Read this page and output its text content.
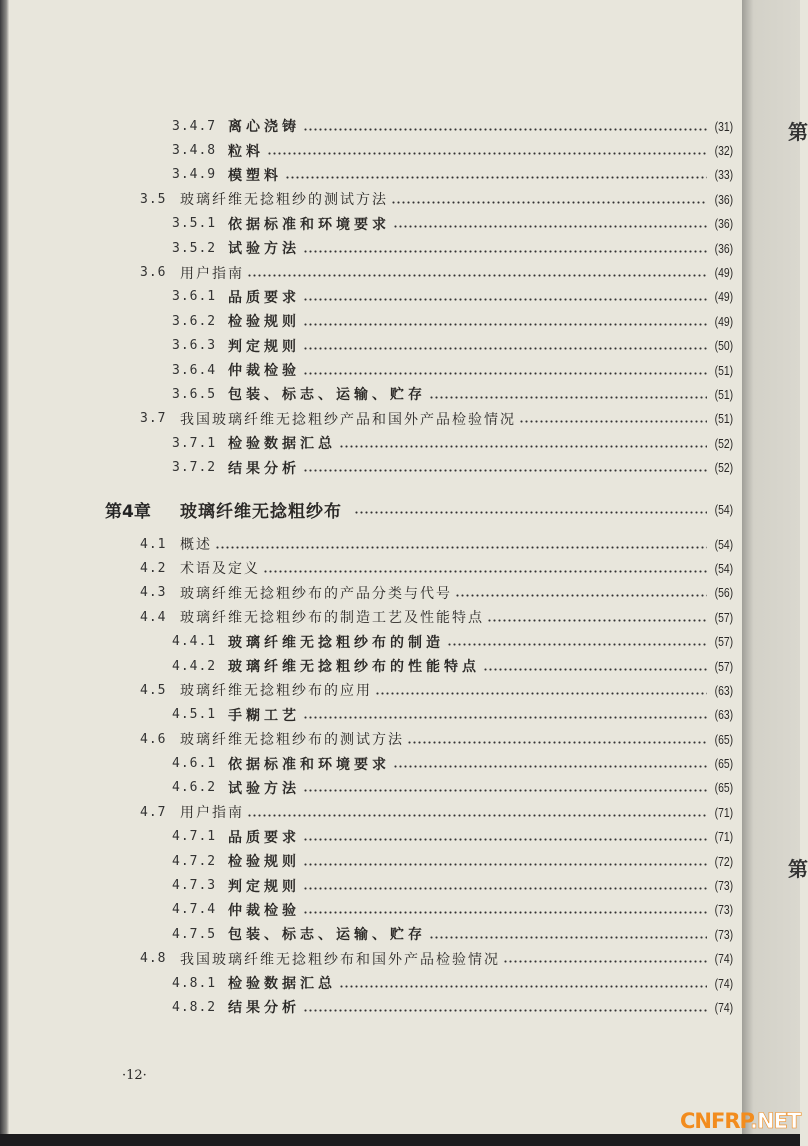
第
第
3.4.7 离心浇铸	(31)
3.4.8 粒料	(32)
3.4.9 模塑料	(33)
3.5 玻璃纤维无捻粗纱的测试方法	(36)
3.5.1 依据标准和环境要求	(36)
3.5.2 试验方法	(36)
3.6 用户指南	(49)
3.6.1 品质要求	(49)
3.6.2 检验规则	(49)
3.6.3 判定规则	(50)
3.6.4 仲裁检验	(51)
3.6.5 包装、标志、运输、贮存	(51)
3.7 我国玻璃纤维无捻粗纱产品和国外产品检验情况	(51)
3.7.1 检验数据汇总	(52)
3.7.2 结果分析	(52)
第4章 玻璃纤维无捻粗纱布	(54)
4.1 概述	(54)
4.2 术语及定义	(54)
4.3 玻璃纤维无捻粗纱布的产品分类与代号	(56)
4.4 玻璃纤维无捻粗纱布的制造工艺及性能特点	(57)
4.4.1 玻璃纤维无捻粗纱布的制造	(57)
4.4.2 玻璃纤维无捻粗纱布的性能特点	(57)
4.5 玻璃纤维无捻粗纱布的应用	(63)
4.5.1 手糊工艺	(63)
4.6 玻璃纤维无捻粗纱布的测试方法	(65)
4.6.1 依据标准和环境要求	(65)
4.6.2 试验方法	(65)
4.7 用户指南	(71)
4.7.1 品质要求	(71)
4.7.2 检验规则	(72)
4.7.3 判定规则	(73)
4.7.4 仲裁检验	(73)
4.7.5 包装、标志、运输、贮存	(73)
4.8 我国玻璃纤维无捻粗纱布和国外产品检验情况	(74)
4.8.1 检验数据汇总	(74)
4.8.2 结果分析	(74)
·12·
CNFRP.NET
